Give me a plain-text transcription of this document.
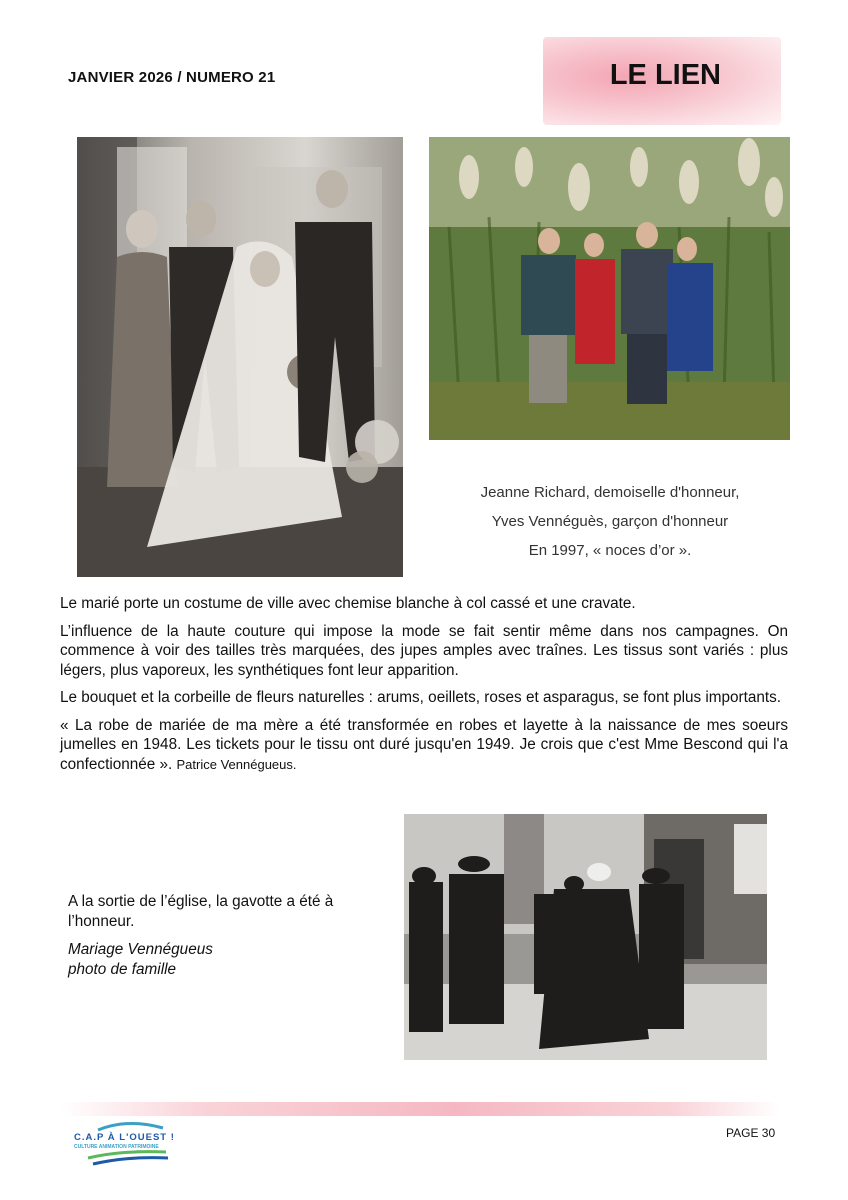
JANVIER 2026 / NUMERO 21	LE LIEN
Jeanne Richard, demoiselle d'honneur,
Yves Vennéguès, garçon d'honneur
En 1997, « noces d’or ».

Le marié porte un costume de ville avec chemise blanche à col cassé et une cravate.

L’influence de la haute couture qui impose la mode se fait sentir même dans nos campagnes. On commence à voir des tailles très marquées, des jupes amples avec traînes. Les tissus sont variés : plus légers, plus vaporeux, les synthétiques font leur apparition.

Le bouquet et la corbeille de fleurs naturelles : arums, oeillets, roses et asparagus, se font plus importants.

« La robe de mariée de ma mère a été transformée en robes et layette à la naissance de mes soeurs jumelles en 1948. Les tickets pour le tissu ont duré jusqu'en 1949. Je crois que c'est Mme Bescond qui l'a confectionnée ». Patrice Vennégueus.

A la sortie de l’église, la gavotte a été à l’honneur.

Mariage Vennégueus

photo de famille

C.A.P À L'OUEST !
CULTURE ANIMATION PATRIMOINE
PAGE 30
